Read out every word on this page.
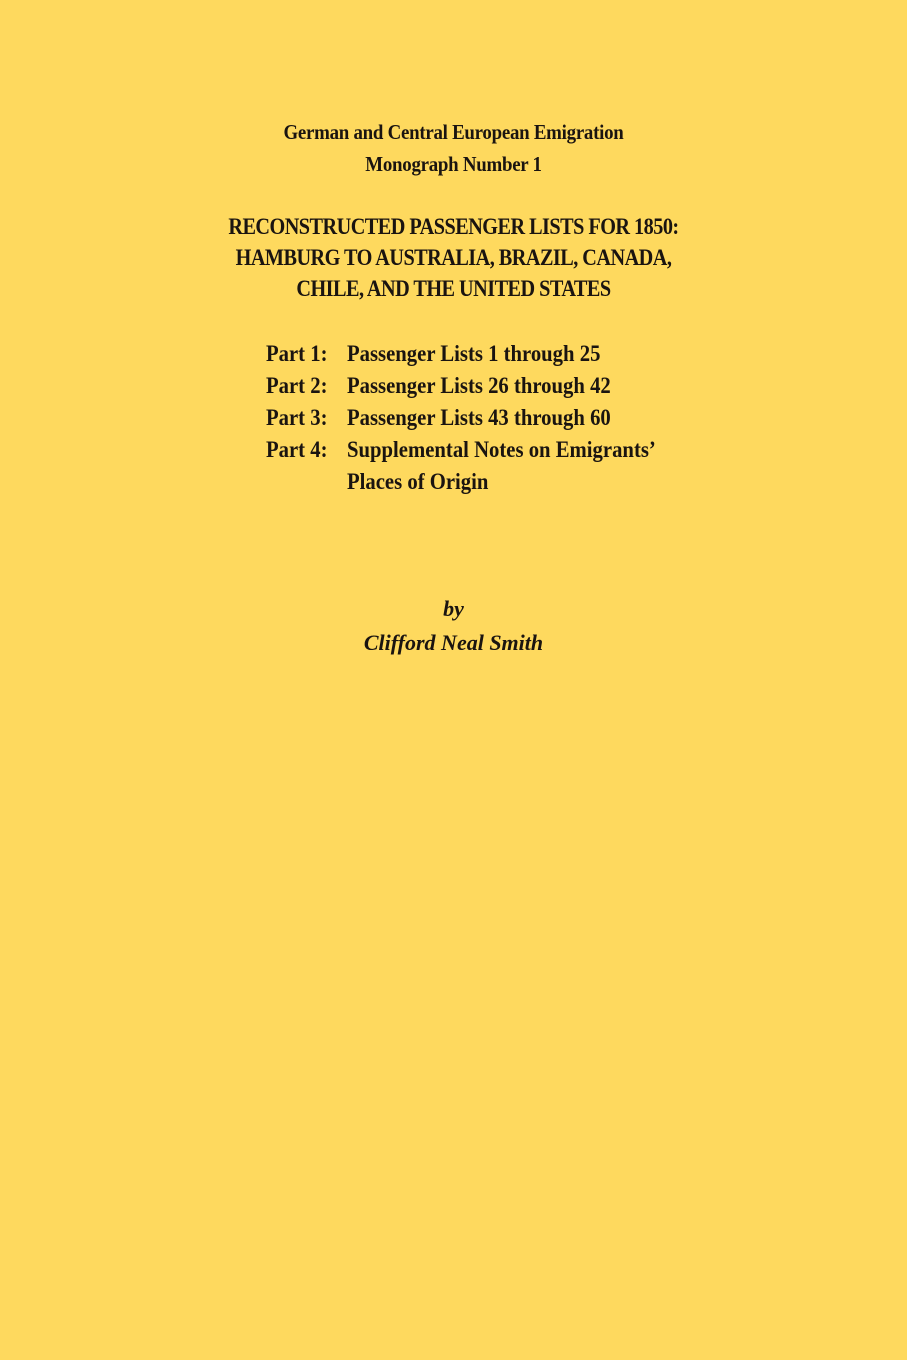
German and Central European Emigration
Monograph Number 1
RECONSTRUCTED PASSENGER LISTS FOR 1850:
HAMBURG TO AUSTRALIA, BRAZIL, CANADA,
CHILE, AND THE UNITED STATES
Part 1: Passenger Lists 1 through 25
Part 2: Passenger Lists 26 through 42
Part 3: Passenger Lists 43 through 60
Part 4: Supplemental Notes on Emigrants’
Places of Origin
by
Clifford Neal Smith
